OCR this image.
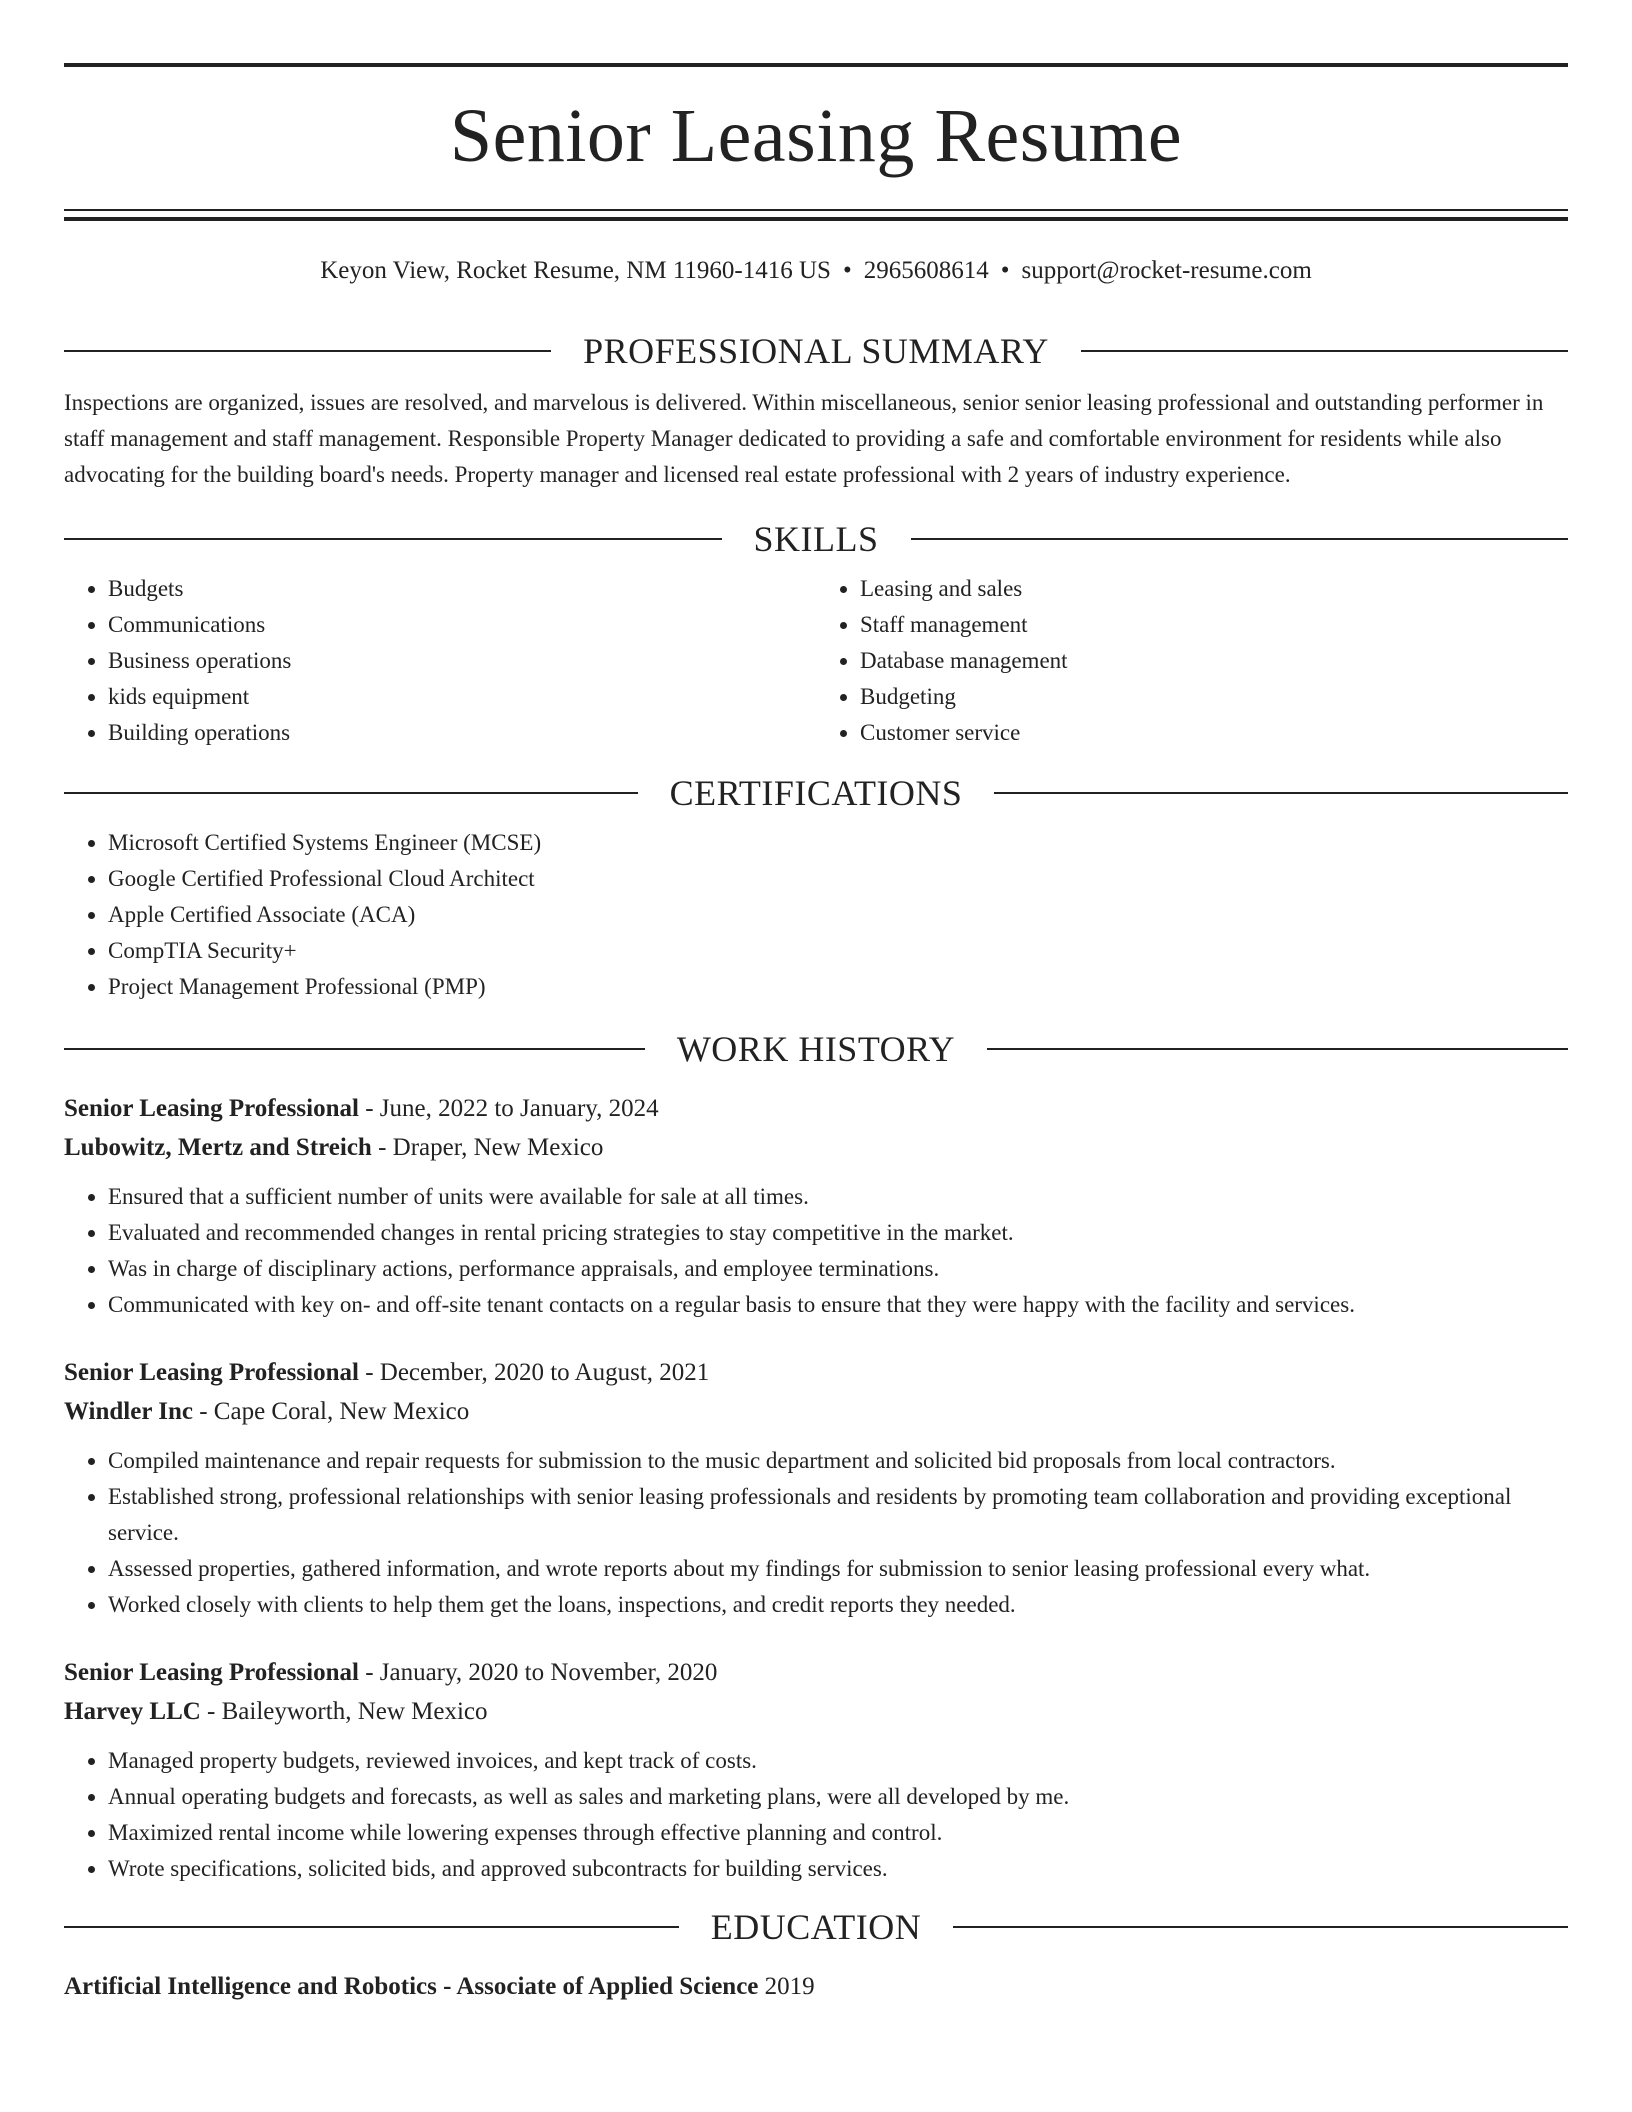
Senior Leasing Resume
Keyon View, Rocket Resume, NM 11960-1416 US • 2965608614 • support@rocket-resume.com
PROFESSIONAL SUMMARY

Inspections are organized, issues are resolved, and marvelous is delivered. Within miscellaneous, senior senior leasing professional and outstanding performer in staff management and staff management. Responsible Property Manager dedicated to providing a safe and comfortable environment for residents while also advocating for the building board's needs. Property manager and licensed real estate professional with 2 years of industry experience.

SKILLS
• Budgets
• Communications
• Business operations
• kids equipment
• Building operations
• Leasing and sales
• Staff management
• Database management
• Budgeting
• Customer service
CERTIFICATIONS
• Microsoft Certified Systems Engineer (MCSE)
• Google Certified Professional Cloud Architect
• Apple Certified Associate (ACA)
• CompTIA Security+
• Project Management Professional (PMP)
WORK HISTORY
Senior Leasing Professional - June, 2022 to January, 2024
Lubowitz, Mertz and Streich - Draper, New Mexico
• Ensured that a sufficient number of units were available for sale at all times.
• Evaluated and recommended changes in rental pricing strategies to stay competitive in the market.
• Was in charge of disciplinary actions, performance appraisals, and employee terminations.
• Communicated with key on- and off-site tenant contacts on a regular basis to ensure that they were happy with the facility and services.
Senior Leasing Professional - December, 2020 to August, 2021
Windler Inc - Cape Coral, New Mexico
• Compiled maintenance and repair requests for submission to the music department and solicited bid proposals from local contractors.
• Established strong, professional relationships with senior leasing professionals and residents by promoting team collaboration and providing exceptional service.
• Assessed properties, gathered information, and wrote reports about my findings for submission to senior leasing professional every what.
• Worked closely with clients to help them get the loans, inspections, and credit reports they needed.
Senior Leasing Professional - January, 2020 to November, 2020
Harvey LLC - Baileyworth, New Mexico
• Managed property budgets, reviewed invoices, and kept track of costs.
• Annual operating budgets and forecasts, as well as sales and marketing plans, were all developed by me.
• Maximized rental income while lowering expenses through effective planning and control.
• Wrote specifications, solicited bids, and approved subcontracts for building services.
EDUCATION
Artificial Intelligence and Robotics - Associate of Applied Science 2019
